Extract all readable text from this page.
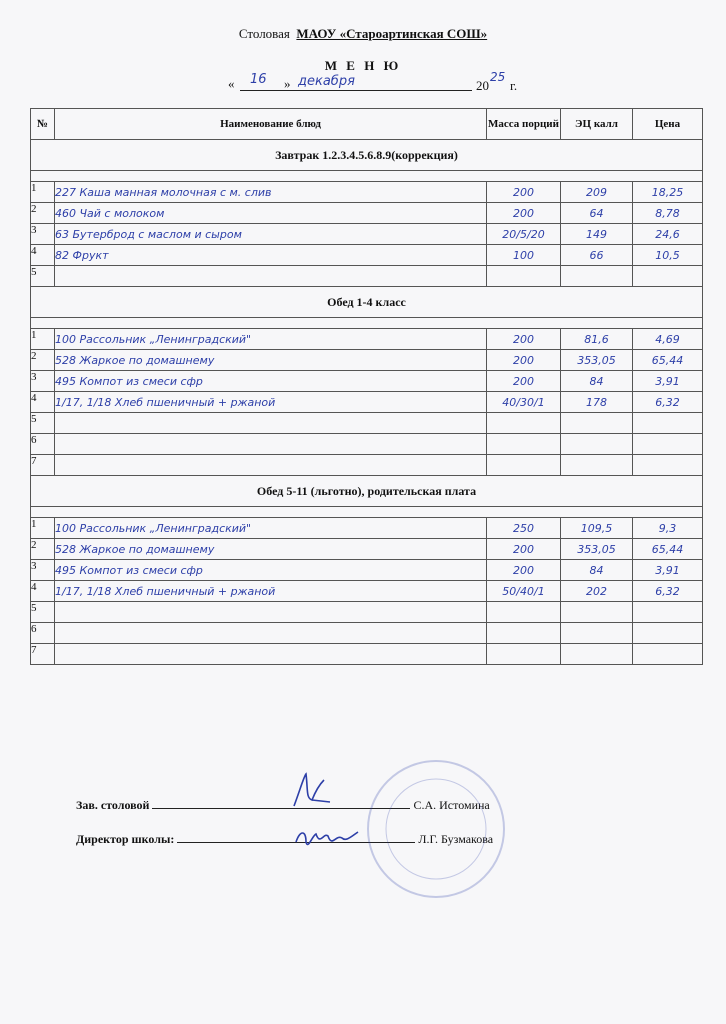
Столовая МАОУ «Староартинская СОШ»
М Е Н Ю
« 16 » декабря	20
25
г.
№	Наименование блюд	Масса порций	ЭЦ калл	Цена
Завтрак 1.2.3.4.5.6.8.9(коррекция)				

1	227 Каша манная молочная с м. слив	200	209	18,25
2	460 Чай с молоком	200	64	8,78
3	63 Бутерброд с маслом и сыром	20/5/20	149	24,6
4	82 Фрукт	100	66	10,5
5				
Обед 1-4 класс				

1	100 Рассольник „Ленинградский"	200	81,6	4,69
2	528 Жаркое по домашнему	200	353,05	65,44
3	495 Компот из смеси сфр	200	84	3,91
4	1/17, 1/18 Хлеб пшеничный + ржаной	40/30/1	178	6,32
5				
6				
7				
Обед 5-11 (льготно), родительская плата				

1	100 Рассольник „Ленинградский"	250	109,5	9,3
2	528 Жаркое по домашнему	200	353,05	65,44
3	495 Компот из смеси сфр	200	84	3,91
4	1/17, 1/18 Хлеб пшеничный + ржаной	50/40/1	202	6,32
5				
6				
7				
Зав. столовой	С.А. Истомина
Директор школы:	Л.Г. Бузмакова
